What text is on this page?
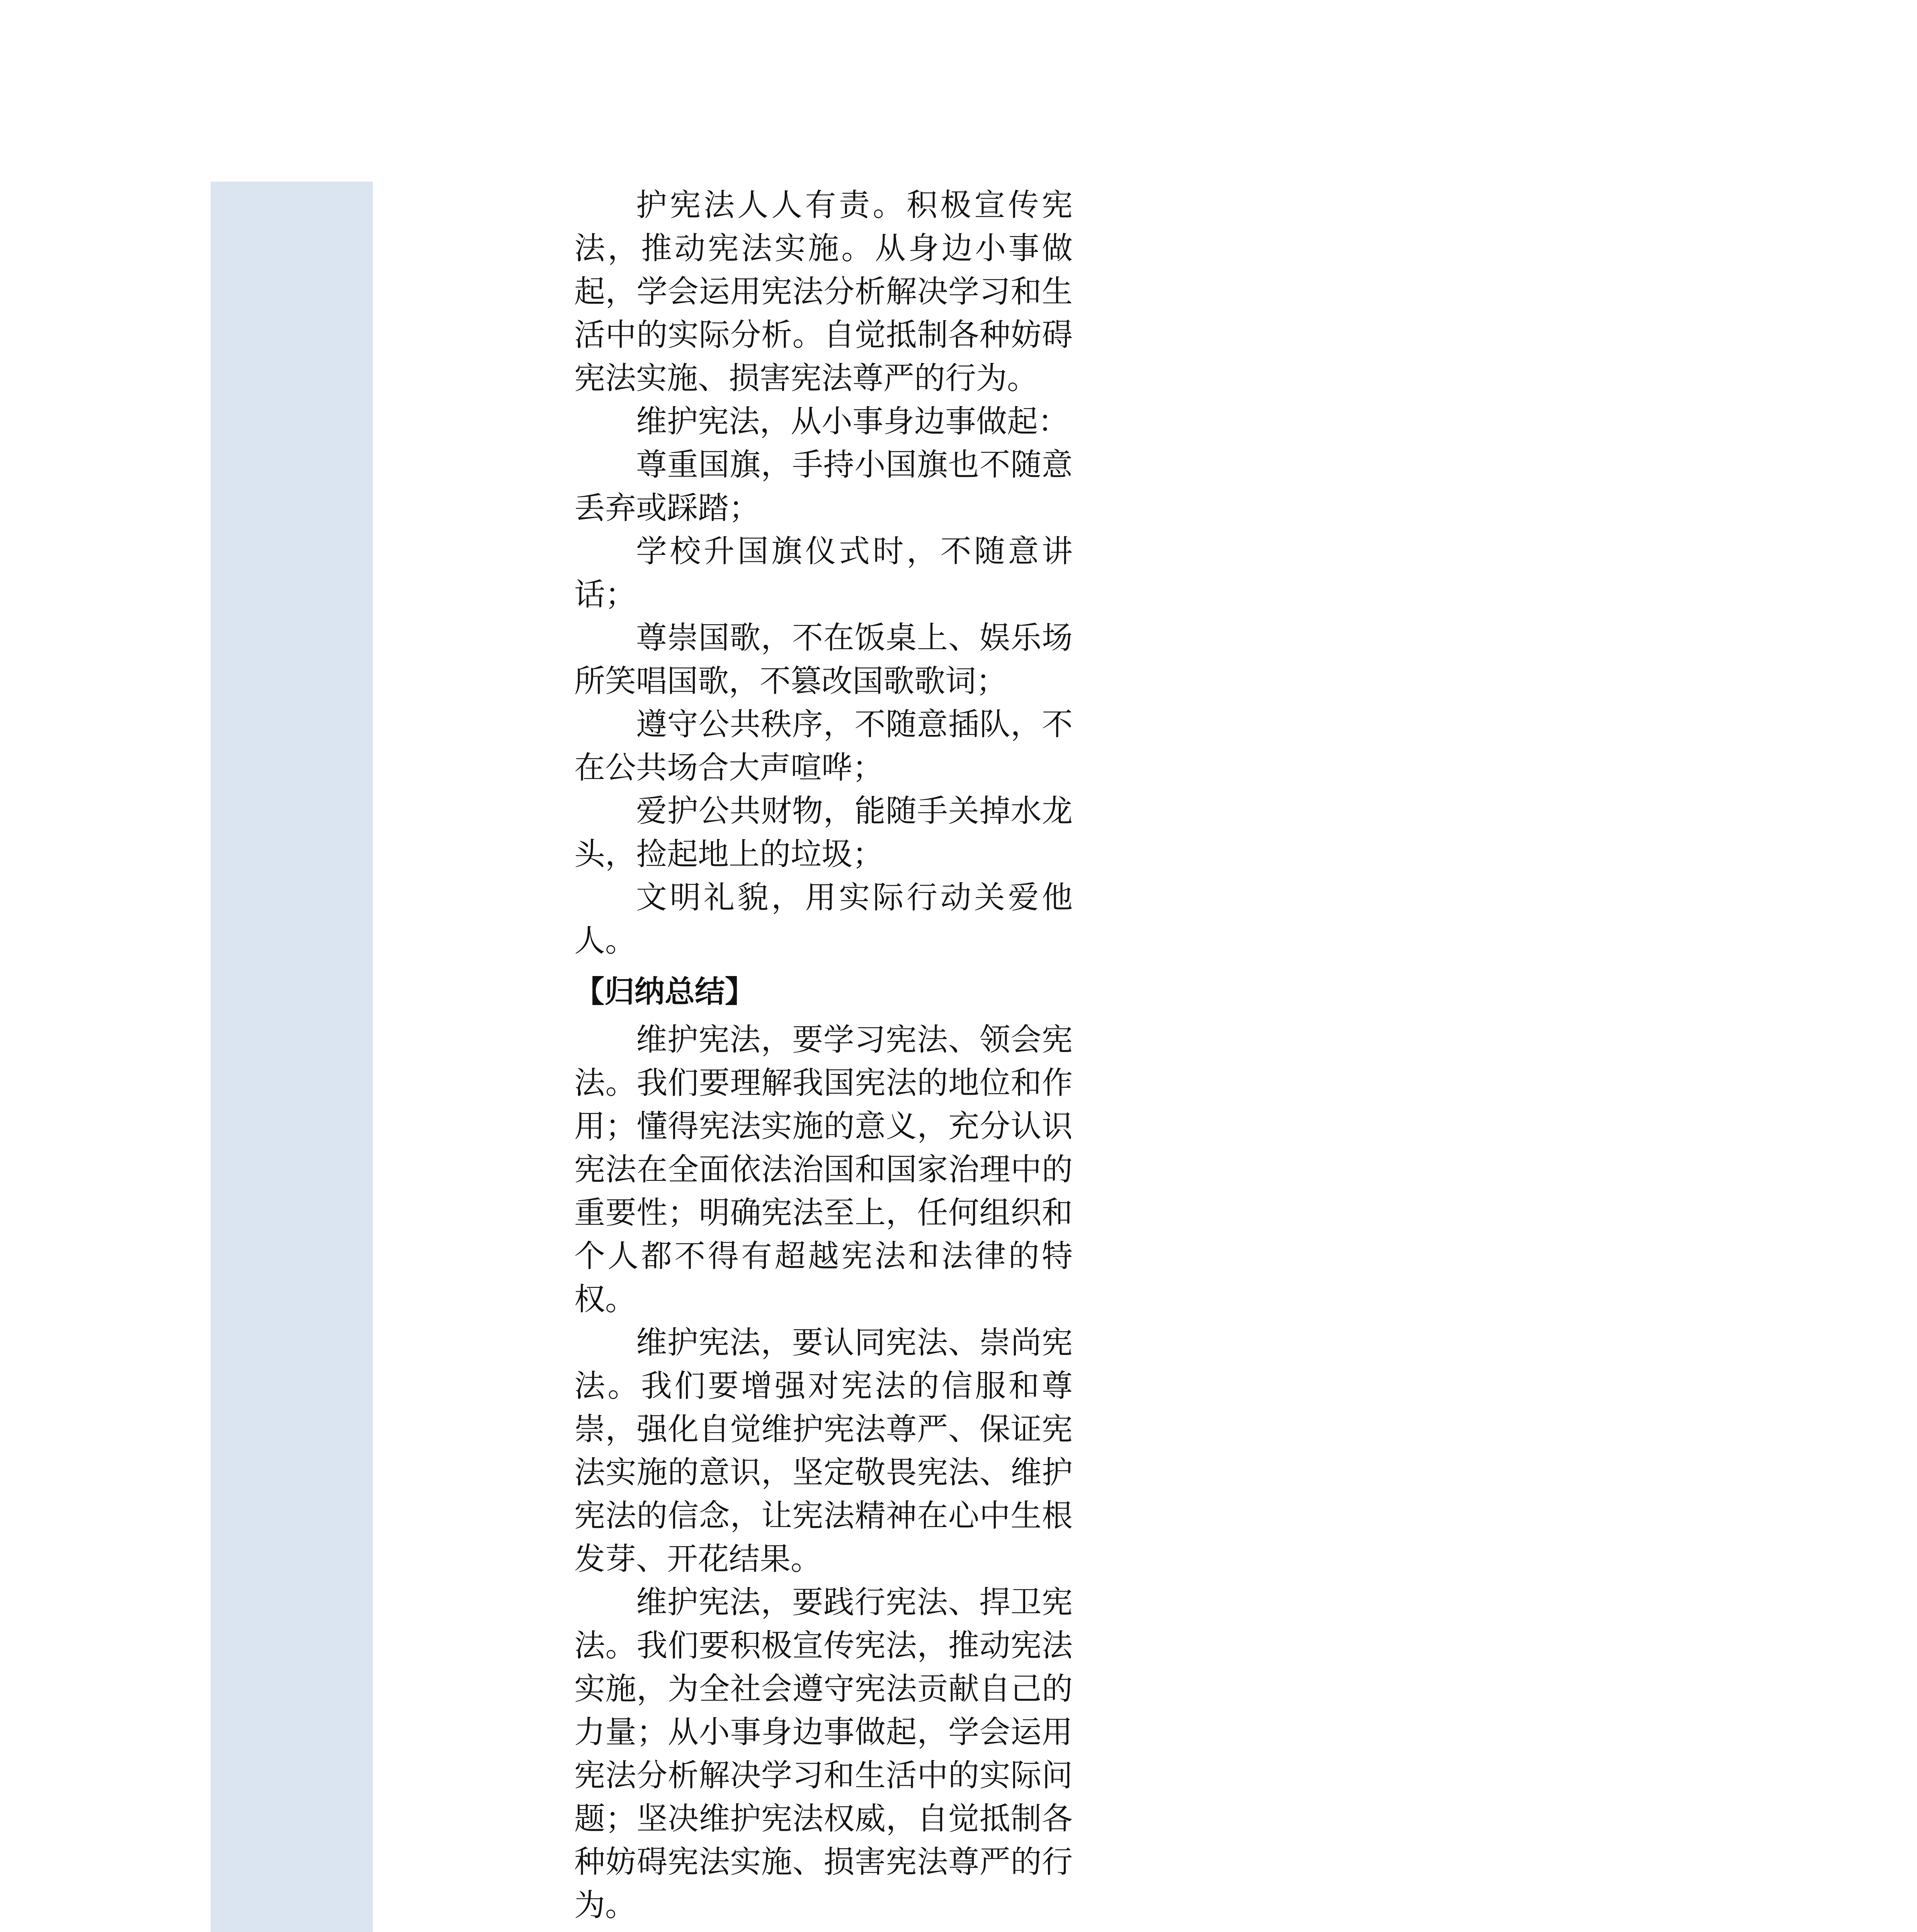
护宪法人人有责。积极宣传宪法，推动宪法实施。从身边小事做起，学会运用宪法分析解决学习和生活中的实际分析。自觉抵制各种妨碍宪法实施、损害宪法尊严的行为。

维护宪法，从小事身边事做起：

尊重国旗，手持小国旗也不随意丢弃或踩踏；

学校升国旗仪式时，不随意讲话；

尊崇国歌，不在饭桌上、娱乐场所笑唱国歌，不篡改国歌歌词；

遵守公共秩序，不随意插队，不在公共场合大声喧哗；

爱护公共财物，能随手关掉水龙头，捡起地上的垃圾；

文明礼貌，用实际行动关爱他人。

【归纳总结】

维护宪法，要学习宪法、领会宪法。我们要理解我国宪法的地位和作用；懂得宪法实施的意义，充分认识宪法在全面依法治国和国家治理中的重要性；明确宪法至上，任何组织和个人都不得有超越宪法和法律的特权。

维护宪法，要认同宪法、崇尚宪法。我们要增强对宪法的信服和尊崇，强化自觉维护宪法尊严、保证宪法实施的意识，坚定敬畏宪法、维护宪法的信念，让宪法精神在心中生根发芽、开花结果。

维护宪法，要践行宪法、捍卫宪法。我们要积极宣传宪法，推动宪法实施，为全社会遵守宪法贡献自己的力量；从小事身边事做起，学会运用宪法分析解决学习和生活中的实际问题；坚决维护宪法权威，自觉抵制各种妨碍宪法实施、损害宪法尊严的行为。
